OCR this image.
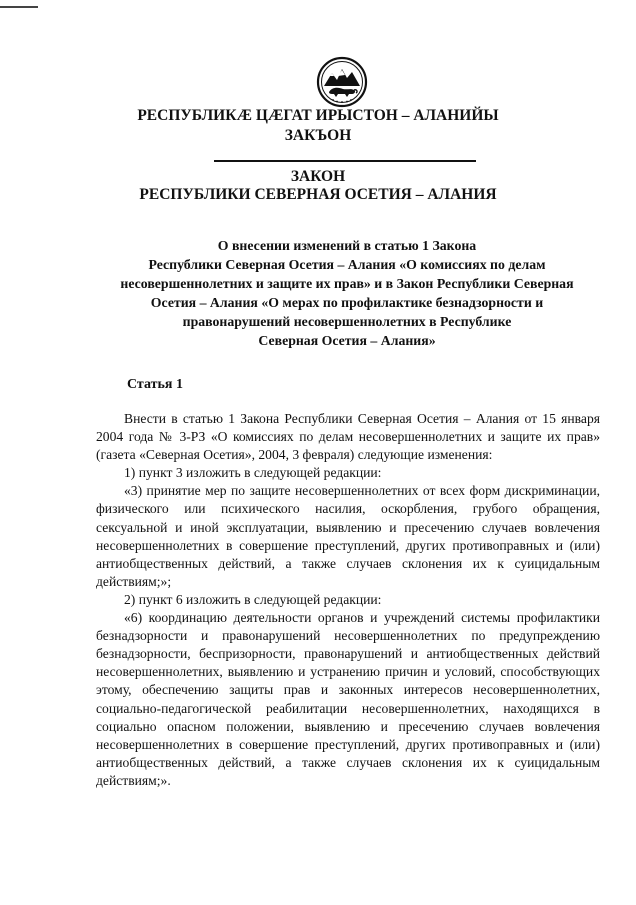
РЕСПУБЛИКӔ ЦӔГАТ ИРЫСТОН – АЛАНИЙЫ
ЗАКЪОН
ЗАКОН
РЕСПУБЛИКИ СЕВЕРНАЯ ОСЕТИЯ – АЛАНИЯ
О внесении изменений в статью 1 Закона
Республики Северная Осетия – Алания «О комиссиях по делам
несовершеннолетних и защите их прав» и в Закон Республики Северная
Осетия – Алания «О мерах по профилактике безнадзорности и
правонарушений несовершеннолетних в Республике
Северная Осетия – Алания»
Статья 1

Внести в статью 1 Закона Республики Северная Осетия – Алания от 15 января 2004 года № 3-РЗ «О комиссиях по делам несовершеннолетних и защите их прав» (газета «Северная Осетия», 2004, 3 февраля) следующие изменения:

1) пункт 3 изложить в следующей редакции:

«3) принятие мер по защите несовершеннолетних от всех форм дискриминации, физического или психического насилия, оскорбления, грубого обращения, сексуальной и иной эксплуатации, выявлению и пресечению случаев вовлечения несовершеннолетних в совершение преступлений, других противоправных и (или) антиобщественных действий, а также случаев склонения их к суицидальным действиям;»;

2) пункт 6 изложить в следующей редакции:

«6) координацию деятельности органов и учреждений системы профилактики безнадзорности и правонарушений несовершеннолетних по предупреждению безнадзорности, беспризорности, правонарушений и антиобщественных действий несовершеннолетних, выявлению и устранению причин и условий, способствующих этому, обеспечению защиты прав и законных интересов несовершеннолетних, социально-педагогической реабилитации несовершеннолетних, находящихся в социально опасном положении, выявлению и пресечению случаев вовлечения несовершеннолетних в совершение преступлений, других противоправных и (или) антиобщественных действий, а также случаев склонения их к суицидальным действиям;».
